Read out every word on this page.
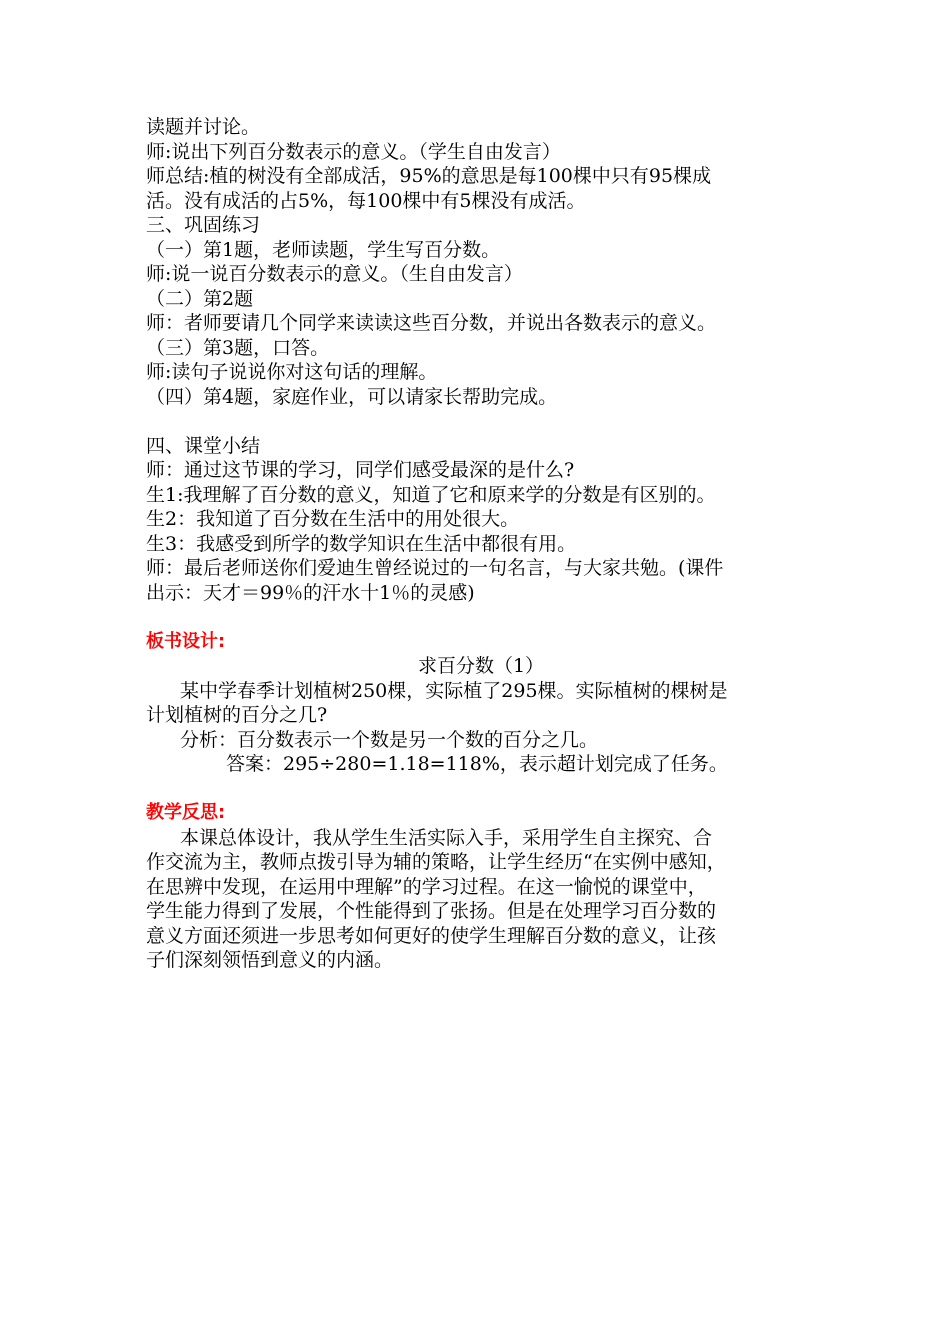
读题并讨论。
师:说出下列百分数表示的意义。（学生自由发言）
师总结:植的树没有全部成活，95%的意思是每100棵中只有95棵成
活。没有成活的占5%，每100棵中有5棵没有成活。
三、巩固练习
（一）第1题，老师读题，学生写百分数。
师:说一说百分数表示的意义。（生自由发言）
（二）第2题
师：者师要请几个同学来读读这些百分数，并说出各数表示的意义。
（三）第3题，口答。
师:读句子说说你对这句话的理解。
（四）第4题，家庭作业，可以请家长帮助完成。
四、课堂小结
师：通过这节课的学习，同学们感受最深的是什么?
生1:我理解了百分数的意义，知道了它和原来学的分数是有区别的。
生2：我知道了百分数在生活中的用处很大。
生3：我感受到所学的数学知识在生活中都很有用。
师：最后老师送你们爱迪生曾经说过的一句名言，与大家共勉。(课件
出示：天才＝99％的汗水十1％的灵感)
板书设计:
求百分数（1）
某中学春季计划植树250棵，实际植了295棵。实际植树的棵树是
计划植树的百分之几?
分析：百分数表示一个数是另一个数的百分之几。
答案：295÷280=1.18=118%，表示超计划完成了任务。
教学反思:
本课总体设计，我从学生生活实际入手，采用学生自主探究、合
作交流为主，教师点拨引导为辅的策略，让学生经历“在实例中感知，
在思辨中发现，在运用中理解”的学习过程。在这一愉悦的课堂中，
学生能力得到了发展，个性能得到了张扬。但是在处理学习百分数的
意义方面还须进一步思考如何更好的使学生理解百分数的意义，让孩
子们深刻领悟到意义的内涵。
